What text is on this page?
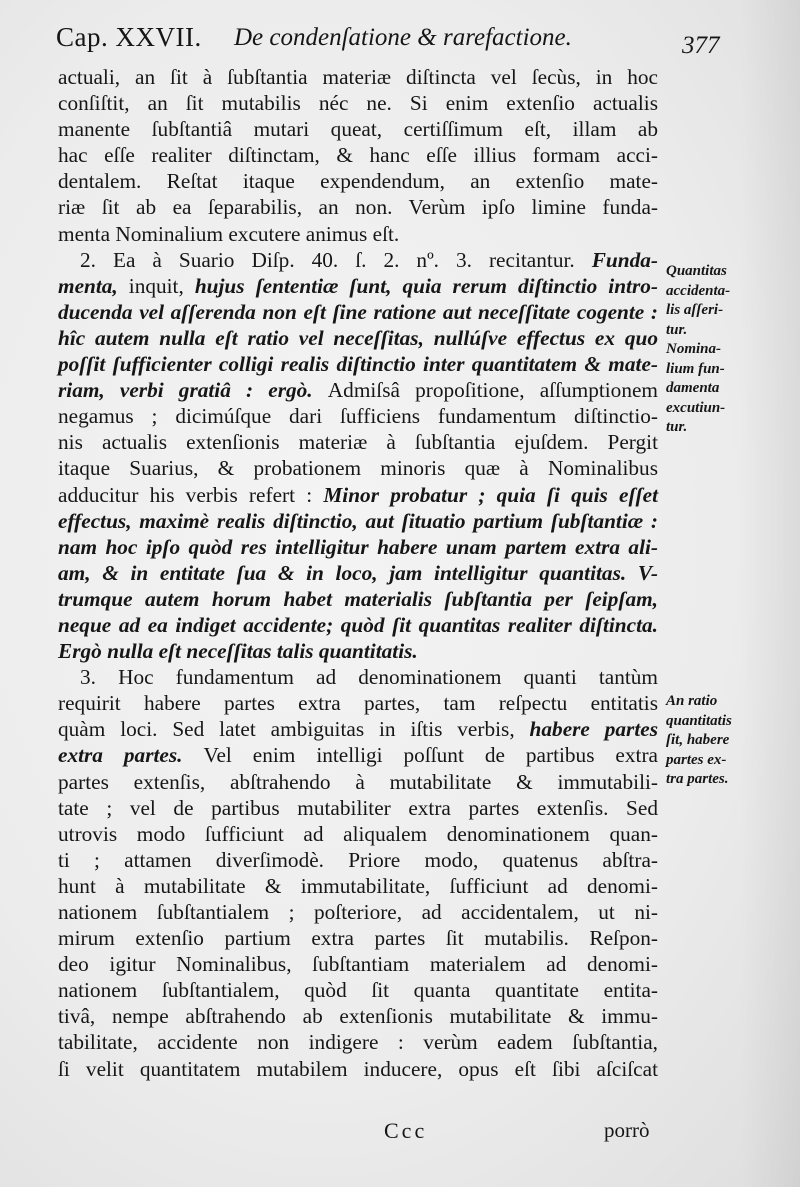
Cap. XXVII. De condenſatione & rarefactione.	377

actuali, an ſit à ſubſtantia materiæ diſtincta vel ſecùs, in hoc
conſiſtit, an ſit mutabilis néc ne. Si enim extenſio actualis
manente ſubſtantiâ mutari queat, certiſſimum eſt, illam ab
hac eſſe realiter diſtinctam, & hanc eſſe illius formam acci-
dentalem. Reſtat itaque expendendum, an extenſio mate-
riæ ſit ab ea ſeparabilis, an non. Verùm ipſo limine funda-
menta Nominalium excutere animus eſt.

2. Ea à Suario Diſp. 40. ſ. 2. nº. 3. recitantur. Funda-
menta, inquit, hujus ſententiæ ſunt, quia rerum diſtinctio intro-
ducenda vel aſſerenda non eſt ſine ratione aut neceſſitate cogente :
hîc autem nulla eſt ratio vel neceſſitas, nullúſve effectus ex quo
poſſit ſufficienter colligi realis diſtinctio inter quantitatem & mate-
riam, verbi gratiâ : ergò. Admiſsâ propoſitione, aſſumptionem
negamus ; dicimúſque dari ſufficiens fundamentum diſtinctio-
nis actualis extenſionis materiæ à ſubſtantia ejuſdem. Pergit
itaque Suarius, & probationem minoris quæ à Nominalibus
adducitur his verbis refert : Minor probatur ; quia ſi quis eſſet
effectus, maximè realis diſtinctio, aut ſituatio partium ſubſtantiæ :
nam hoc ipſo quòd res intelligitur habere unam partem extra ali-
am, & in entitate ſua & in loco, jam intelligitur quantitas. V-
trumque autem horum habet materialis ſubſtantia per ſeipſam,
neque ad ea indiget accidente; quòd ſit quantitas realiter diſtincta.
Ergò nulla eſt neceſſitas talis quantitatis.

3. Hoc fundamentum ad denominationem quanti tantùm
requirit habere partes extra partes, tam reſpectu entitatis
quàm loci. Sed latet ambiguitas in iſtis verbis, habere partes
extra partes. Vel enim intelligi poſſunt de partibus extra
partes extenſis, abſtrahendo à mutabilitate & immutabili-
tate ; vel de partibus mutabiliter extra partes extenſis. Sed
utrovis modo ſufficiunt ad aliqualem denominationem quan-
ti ; attamen diverſimodè. Priore modo, quatenus abſtra-
hunt à mutabilitate & immutabilitate, ſufficiunt ad denomi-
nationem ſubſtantialem ; poſteriore, ad accidentalem, ut ni-
mirum extenſio partium extra partes ſit mutabilis. Reſpon-
deo igitur Nominalibus, ſubſtantiam materialem ad denomi-
nationem ſubſtantialem, quòd ſit quanta quantitate entita-
tivâ, nempe abſtrahendo ab extenſionis mutabilitate & immu-
tabilitate, accidente non indigere : verùm eadem ſubſtantia,
ſi velit quantitatem mutabilem inducere, opus eſt ſibi aſciſcat

Quantitas
accidenta-
lis aſſeri-
tur.
Nomina-
lium fun-
damenta
excutiun-
tur.
An ratio
quantitatis
ſit, habere
partes ex-
tra partes.
Ccc	porrò
